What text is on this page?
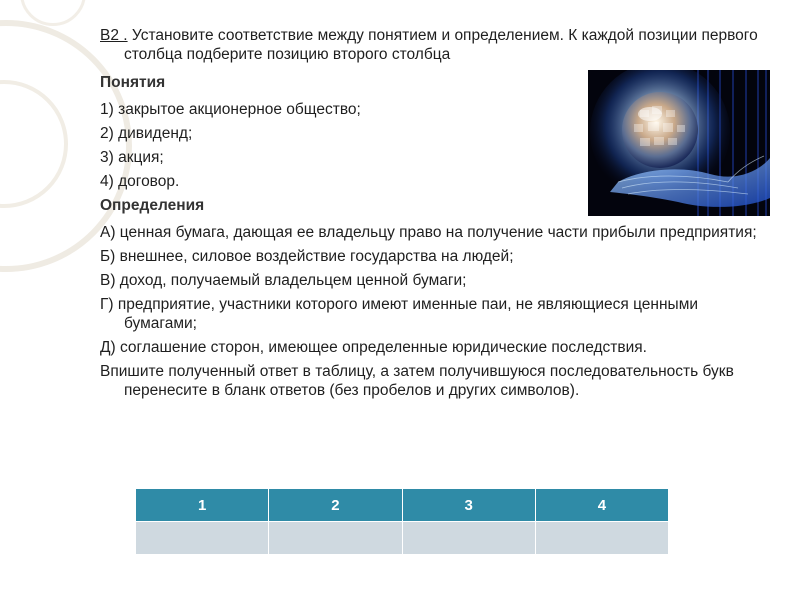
В2 . Установите соответствие между понятием и определением. К каждой позиции первого столбца подберите позицию второго столбца

Понятия

1) закрытое акционерное общество;

2) дивиденд;

3) акция;

4) договор.

Определения

А) ценная бумага, дающая ее владельцу право на получение части прибыли предприятия;

Б) внешнее, силовое воздействие государства на людей;

В) доход, получаемый владельцем ценной бумаги;

Г) предприятие, участники которого имеют именные паи, не являющиеся ценными бумагами;

Д) соглашение сторон, имеющее определенные юридические последствия.

Впишите полученный ответ в таблицу, а затем получившуюся последовательность букв перенесите в бланк ответов (без пробелов и других символов).

1	2	3	4
